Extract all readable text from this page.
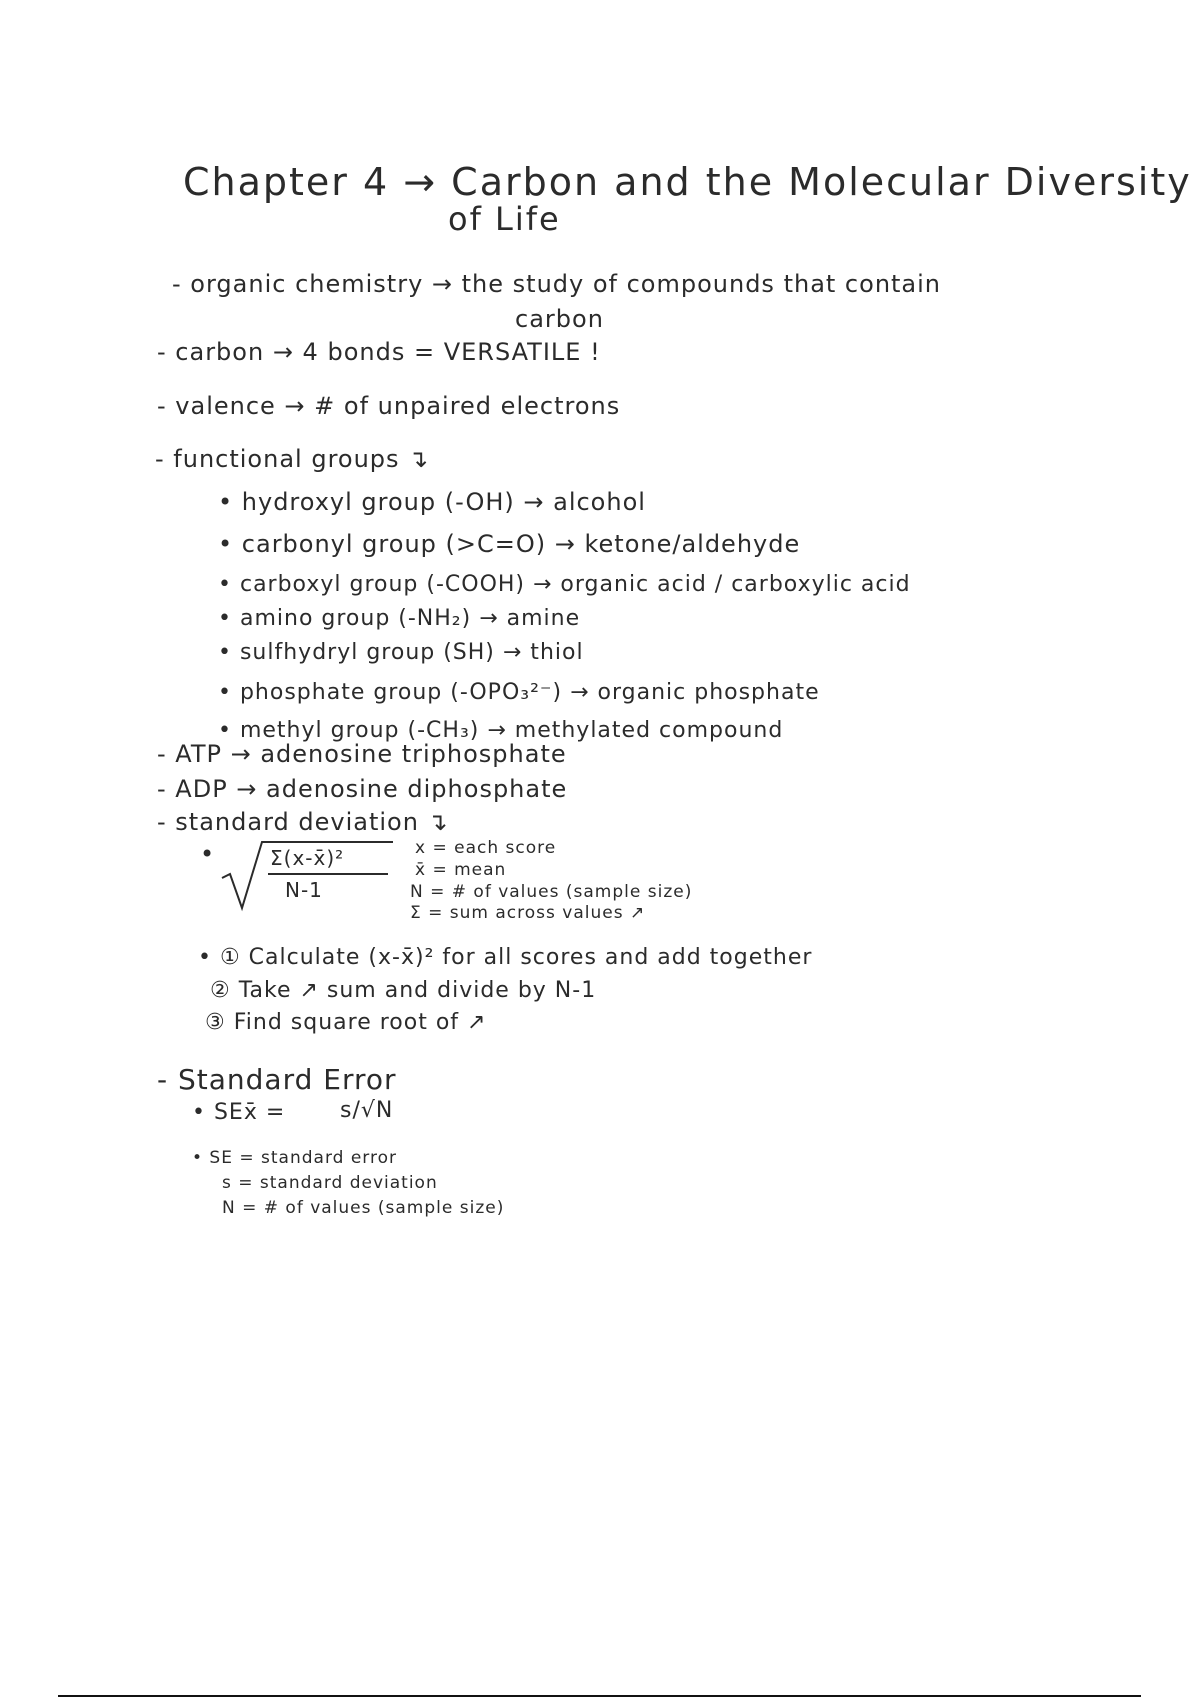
Chapter 4 → Carbon and the Molecular Diversity
of Life
- organic chemistry → the study of compounds that contain
carbon
- carbon → 4 bonds = VERSATILE !
- valence → # of unpaired electrons
- functional groups ↴
• hydroxyl group (-OH) → alcohol
• carbonyl group (>C=O) → ketone/aldehyde
• carboxyl group (-COOH) → organic acid / carboxylic acid
• amino group (-NH₂) → amine
• sulfhydryl group (SH) → thiol
• phosphate group (-OPO₃²⁻) → organic phosphate
• methyl group (-CH₃) → methylated compound
- ATP → adenosine triphosphate
- ADP → adenosine diphosphate
- standard deviation ↴
•	Σ(x-x̄)²
N-1
x = each score
x̄ = mean
N = # of values (sample size)
Σ = sum across values ↗
• ① Calculate (x-x̄)² for all scores and add together
② Take ↗ sum and divide by N-1
③ Find square root of ↗
- Standard Error
• SEx̄ = s/√N
• SE = standard error
s = standard deviation
N = # of values (sample size)
